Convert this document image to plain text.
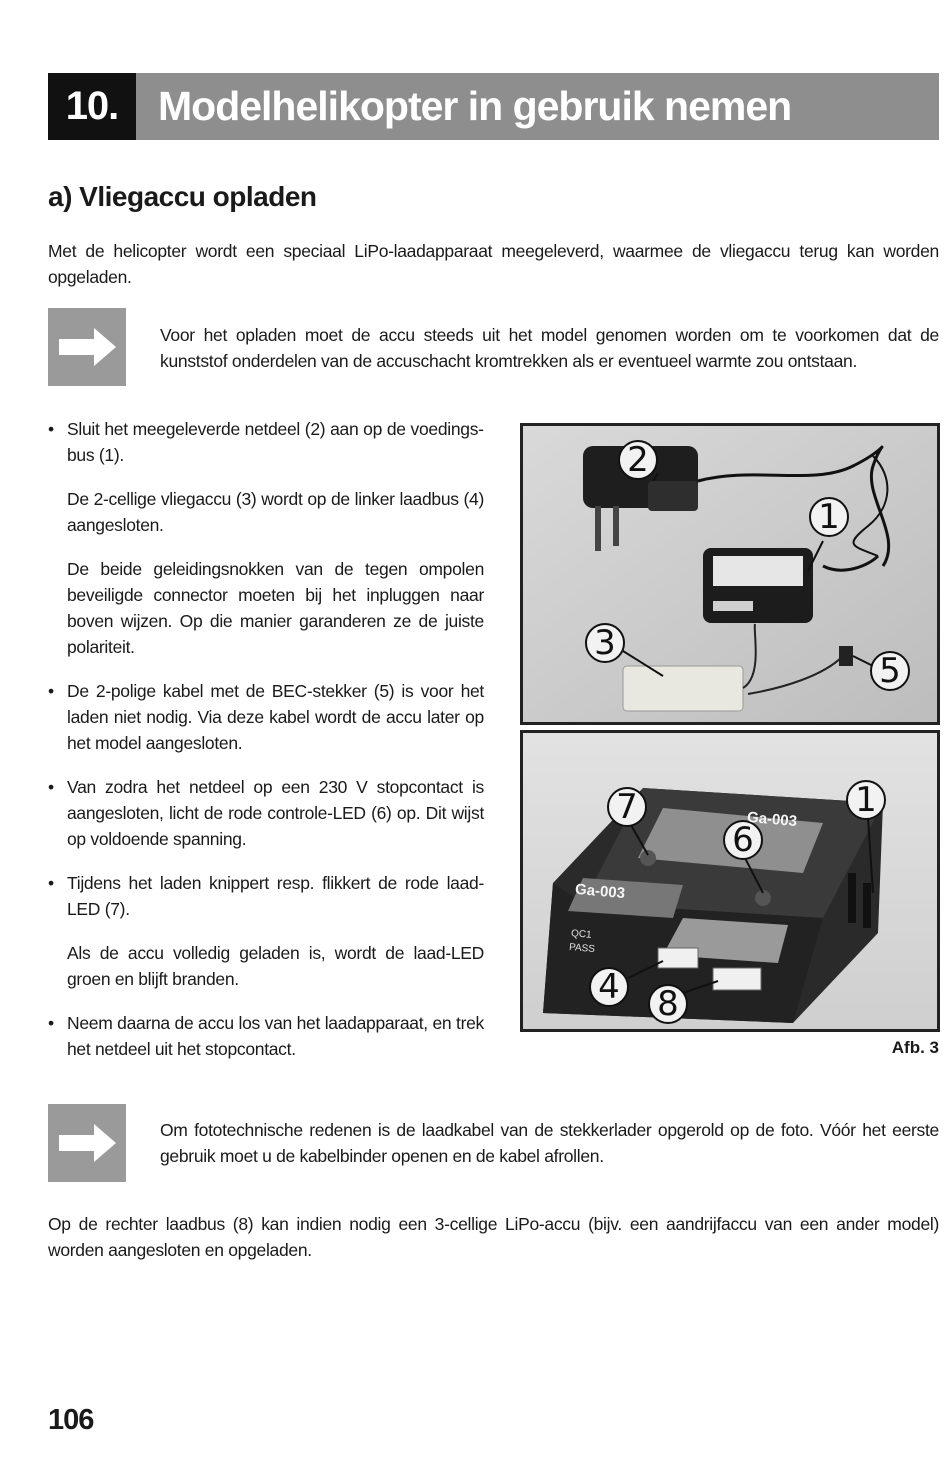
10. Modelhelikopter in gebruik nemen
a) Vliegaccu opladen
Met de helicopter wordt een speciaal LiPo-laadapparaat meegeleverd, waarmee de vliegaccu terug kan worden opgeladen.
Voor het opladen moet de accu steeds uit het model genomen worden om te voorkomen dat de kunststof onderdelen van de accuschacht kromtrekken als er eventueel warmte zou ontstaan.
• Sluit het meegeleverde netdeel (2) aan op de voedingsbus (1).
De 2-cellige vliegaccu (3) wordt op de linker laadbus (4) aangesloten.
De beide geleidingsnokken van de tegen ompolen beveiligde connector moeten bij het inpluggen naar boven wijzen. Op die manier garanderen ze de juiste polariteit.
• De 2-polige kabel met de BEC-stekker (5) is voor het laden niet nodig. Via deze kabel wordt de accu later op het model aangesloten.
• Van zodra het netdeel op een 230 V stopcontact is aangesloten, licht de rode controle-LED (6) op. Dit wijst op voldoende spanning.
• Tijdens het laden knippert resp. flikkert de rode laad-LED (7).
Als de accu volledig geladen is, wordt de laad-LED groen en blijft branden.
• Neem daarna de accu los van het laadapparaat, en trek het netdeel uit het stopcontact.
2
1
3
5
Ga-003
Ga-003
QC1
PASS
7	1
6
4 8
Afb. 3
Om fototechnische redenen is de laadkabel van de stekkerlader opgerold op de foto. Vóór het eerste gebruik moet u de kabelbinder openen en de kabel afrollen.
Op de rechter laadbus (8) kan indien nodig een 3-cellige LiPo-accu (bijv. een aandrijfaccu van een ander model) worden aangesloten en opgeladen.
106
